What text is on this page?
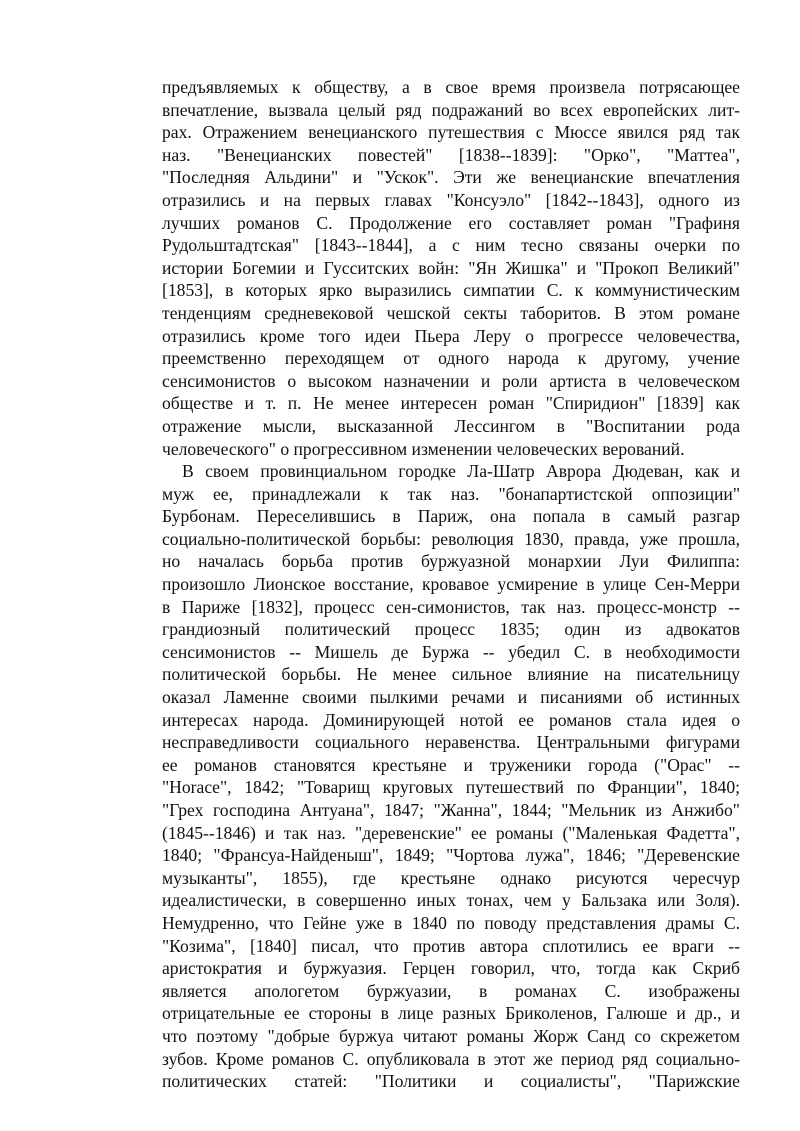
предъявляемых к обществу, а в свое время произвела потрясающее
впечатление, вызвала целый ряд подражаний во всех европейских лит-
рах. Отражением венецианского путешествия с Мюссе явился ряд так
наз. "Венецианских повестей" [1838--1839]: "Орко", "Маттеа",
"Последняя Альдини" и "Ускок". Эти же венецианские впечатления
отразились и на первых главах "Консуэло" [1842--1843], одного из
лучших романов С. Продолжение его составляет роман "Графиня
Рудольштадтская" [1843--1844], а с ним тесно связаны очерки по
истории Богемии и Гусситских войн: "Ян Жишка" и "Прокоп Великий"
[1853], в которых ярко выразились симпатии С. к коммунистическим
тенденциям средневековой чешской секты таборитов. В этом романе
отразились кроме того идеи Пьера Леру о прогрессе человечества,
преемственно переходящем от одного народа к другому, учение
сенсимонистов о высоком назначении и роли артиста в человеческом
обществе и т. п. Не менее интересен роман "Спиридион" [1839] как
отражение мысли, высказанной Лессингом в "Воспитании рода
человеческого" о прогрессивном изменении человеческих верований.
В своем провинциальном городке Ла-Шатр Аврора Дюдеван, как и
муж ее, принадлежали к так наз. "бонапартистской оппозиции"
Бурбонам. Переселившись в Париж, она попала в самый разгар
социально-политической борьбы: революция 1830, правда, уже прошла,
но началась борьба против буржуазной монархии Луи Филиппа:
произошло Лионское восстание, кровавое усмирение в улице Сен-Мерри
в Париже [1832], процесс сен-симонистов, так наз. процесс-монстр --
грандиозный политический процесс 1835; один из адвокатов
сенсимонистов -- Мишель де Буржа -- убедил С. в необходимости
политической борьбы. Не менее сильное влияние на писательницу
оказал Ламенне своими пылкими речами и писаниями об истинных
интересах народа. Доминирующей нотой ее романов стала идея о
несправедливости социального неравенства. Центральными фигурами
ее романов становятся крестьяне и труженики города ("Орас" --
"Horace", 1842; "Товарищ круговых путешествий по Франции", 1840;
"Грех господина Антуана", 1847; "Жанна", 1844; "Мельник из Анжибо"
(1845--1846) и так наз. "деревенские" ее романы ("Маленькая Фадетта",
1840; "Франсуа-Найденыш", 1849; "Чортова лужа", 1846; "Деревенские
музыканты", 1855), где крестьяне однако рисуются чересчур
идеалистически, в совершенно иных тонах, чем у Бальзака или Золя).
Немудренно, что Гейне уже в 1840 по поводу представления драмы С.
"Козима", [1840] писал, что против автора сплотились ее враги --
аристократия и буржуазия. Герцен говорил, что, тогда как Скриб
является апологетом буржуазии, в романах С. изображены
отрицательные ее стороны в лице разных Бриколенов, Галюше и др., и
что поэтому "добрые буржуа читают романы Жорж Санд со скрежетом
зубов. Кроме романов С. опубликовала в этот же период ряд социально-
политических статей: "Политики и социалисты", "Парижские
